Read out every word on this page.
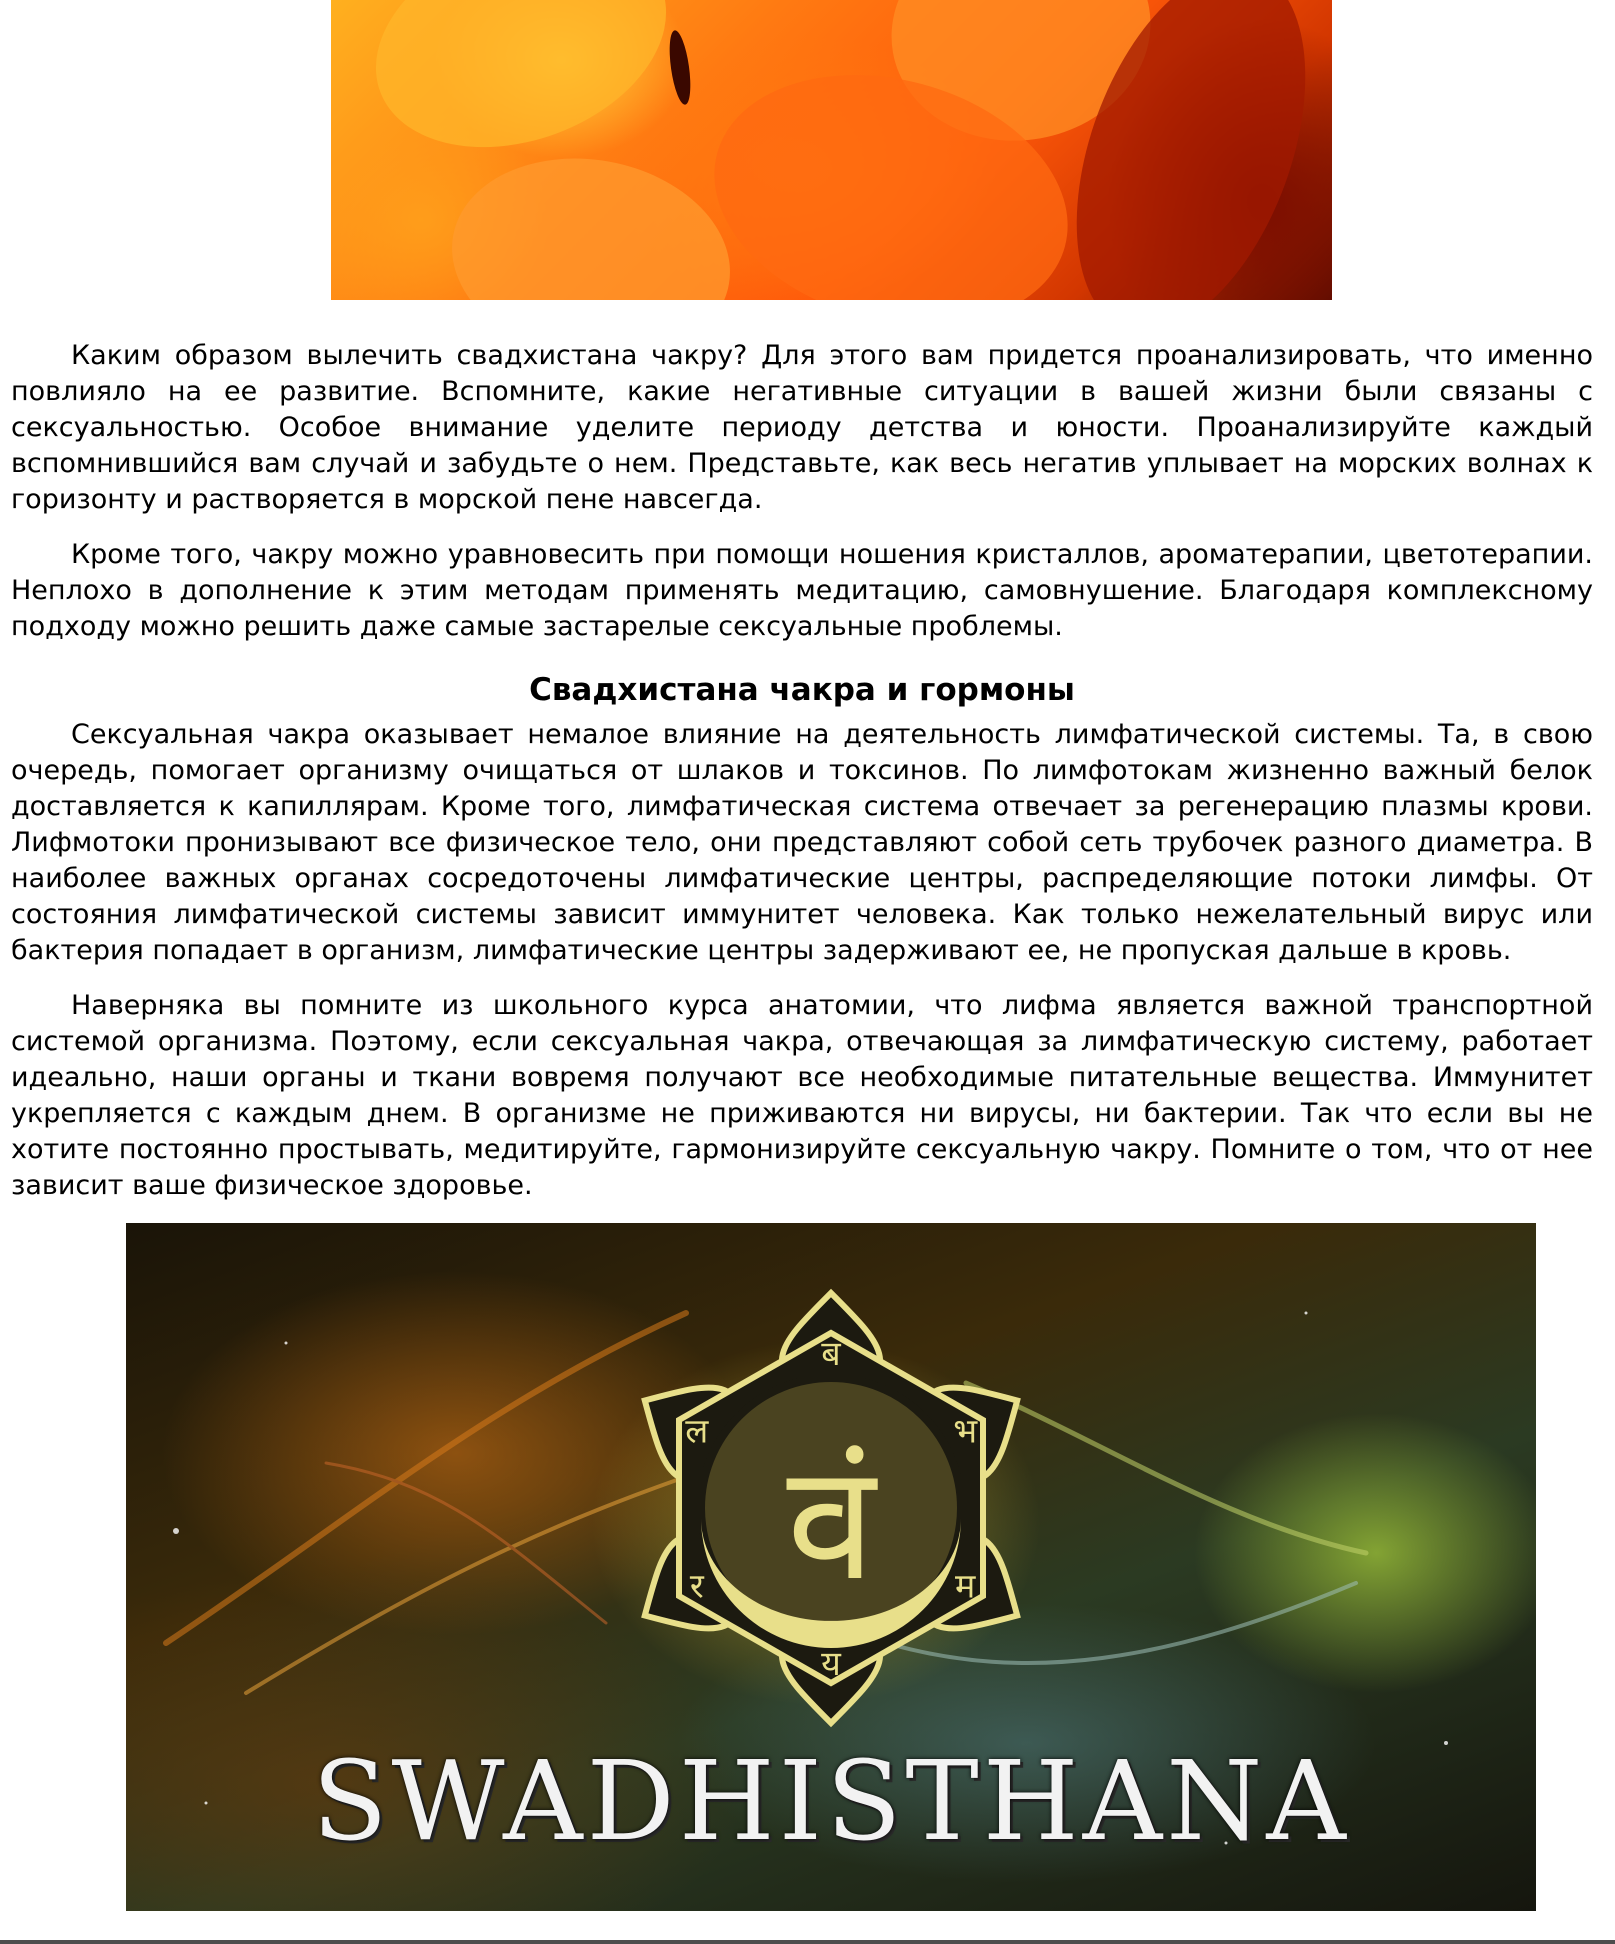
Каким образом вылечить свадхистана чакру? Для этого вам придется проанализировать, что именно повлияло на ее развитие. Вспомните, какие негативные ситуации в вашей жизни были связаны с сексуальностью. Особое внимание уделите периоду детства и юности. Проанализируйте каждый вспомнившийся вам случай и забудьте о нем. Представьте, как весь негатив уплывает на морских волнах к горизонту и растворяется в морской пене навсегда.

Кроме того, чакру можно уравновесить при помощи ношения кристаллов, ароматерапии, цветотерапии. Неплохо в дополнение к этим методам применять медитацию, самовнушение. Благодаря комплексному подходу можно решить даже самые застарелые сексуальные проблемы.

Свадхистана чакра и гормоны

Сексуальная чакра оказывает немалое влияние на деятельность лимфатической системы. Та, в свою очередь, помогает организму очищаться от шлаков и токсинов. По лимфотокам жизненно важный белок доставляется к капиллярам. Кроме того, лимфатическая система отвечает за регенерацию плазмы крови. Лифмотоки пронизывают все физическое тело, они представляют собой сеть трубочек разного диаметра. В наиболее важных органах сосредоточены лимфатические центры, распределяющие потоки лимфы. От состояния лимфатической системы зависит иммунитет человека. Как только нежелательный вирус или бактерия попадает в организм, лимфатические центры задерживают ее, не пропуская дальше в кровь.

Наверняка вы помните из школьного курса анатомии, что лифма является важной транспортной системой организма. Поэтому, если сексуальная чакра, отвечающая за лимфатическую систему, работает идеально, наши органы и ткани вовремя получают все необходимые питательные вещества. Иммунитет укрепляется с каждым днем. В организме не приживаются ни вирусы, ни бактерии. Так что если вы не хотите постоянно простывать, медитируйте, гармонизируйте сексуальную чакру. Помните о том, что от нее зависит ваше физическое здоровье.

वं
ब
भ
म
य
र
ल
SWADHISTHANA
